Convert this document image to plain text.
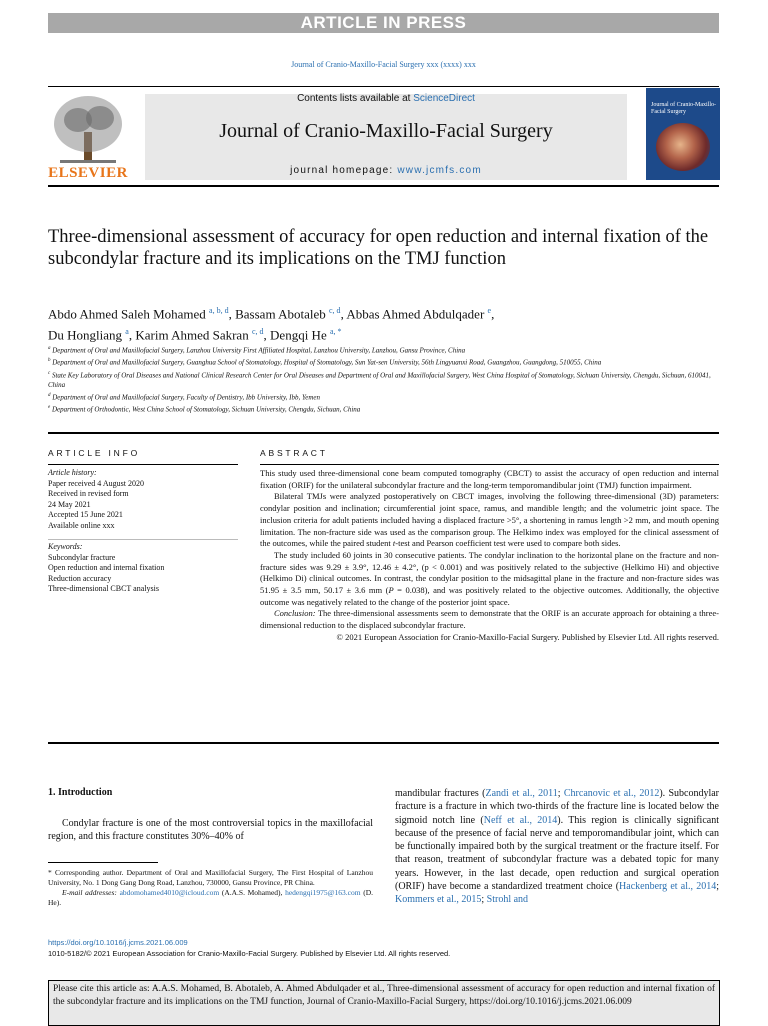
ARTICLE IN PRESS
Journal of Cranio-Maxillo-Facial Surgery xxx (xxxx) xxx
ELSEVIER
Contents lists available at ScienceDirect
Journal of Cranio-Maxillo-Facial Surgery
journal homepage: www.jcmfs.com
Journal of Cranio-Maxillo-Facial Surgery
Three-dimensional assessment of accuracy for open reduction and internal fixation of the subcondylar fracture and its implications on the TMJ function
Abdo Ahmed Saleh Mohamed $^{a, b, d}$, Bassam Abotaleb $^{c, d}$, Abbas Ahmed Abdulqader $^e$,
Du Hongliang $^a$, Karim Ahmed Sakran $^{c, d}$, Dengqi He $^{a, *}$
$^a$ Department of Oral and Maxillofacial Surgery, Lanzhou University First Affiliated Hospital, Lanzhou University, Lanzhou, Gansu Province, China
$^b$ Department of Oral and Maxillofacial Surgery, Guanghua School of Stomatology, Hospital of Stomatology, Sun Yat-sen University, 56th Lingyuanxi Road, Guangzhou, Guangdong, 510055, China
$^c$ State Key Laboratory of Oral Diseases and National Clinical Research Center for Oral Diseases and Department of Oral and Maxillofacial Surgery, West China Hospital of Stomatology, Sichuan University, Chengdu, Sichuan, 610041, China
$^d$ Department of Oral and Maxillofacial Surgery, Faculty of Dentistry, Ibb University, Ibb, Yemen
$^e$ Department of Orthodontic, West China School of Stomatology, Sichuan University, Chengdu, Sichuan, China
ARTICLE INFO
Article history:
Paper received 4 August 2020
Received in revised form
24 May 2021
Accepted 15 June 2021
Available online xxx
Keywords:
Subcondylar fracture
Open reduction and internal fixation
Reduction accuracy
Three-dimensional CBCT analysis
ABSTRACT

This study used three-dimensional cone beam computed tomography (CBCT) to assist the accuracy of open reduction and internal fixation (ORIF) for the unilateral subcondylar fracture and the long-term temporomandibular joint (TMJ) function impairment.

Bilateral TMJs were analyzed postoperatively on CBCT images, involving the following three-dimensional (3D) parameters: condylar position and inclination; circumferential joint space, ramus, and mandible length; and the volumetric joint space. The inclusion criteria for adult patients included having a displaced fracture >5°, a shortening in ramus length >2 mm, and mouth opening limitation. The non-fracture side was used as the comparison group. The Helkimo index was employed for the clinical assessment of the outcomes, while the paired student t-test and Pearson coefficient test were used to compare both sides.

The study included 60 joints in 30 consecutive patients. The condylar inclination to the horizontal plane on the fracture and non-fracture sides was 9.29 ± 3.9°, 12.46 ± 4.2°, (p < 0.001) and was positively related to the subjective (Helkimo Hi) and objective (Helkimo Di) clinical outcomes. In contrast, the condylar position to the midsagittal plane in the fracture and non-fracture sides was 51.95 ± 3.5 mm, 50.17 ± 3.6 mm (P = 0.038), and was positively related to the objective outcomes. Additionally, the objective outcome was negatively related to the change of the posterior joint space.

Conclusion: The three-dimensional assessments seem to demonstrate that the ORIF is an accurate approach for obtaining a three-dimensional reduction to the displaced subcondylar fracture.

© 2021 European Association for Cranio-Maxillo-Facial Surgery. Published by Elsevier Ltd. All rights reserved.

1. Introduction
Condylar fracture is one of the most controversial topics in the maxillofacial region, and this fracture constitutes 30%–40% of
mandibular fractures (Zandi et al., 2011; Chrcanovic et al., 2012). Subcondylar fracture is a fracture in which two-thirds of the fracture line is located below the sigmoid notch line (Neff et al., 2014). This region is clinically significant because of the presence of facial nerve and temporomandibular joint, which can be functionally impaired both by the surgical treatment or the fracture itself. For that reason, treatment of subcondylar fracture was a debated topic for many years. However, in the last decade, open reduction and surgical operation (ORIF) have become a standardized treatment choice (Hackenberg et al., 2014; Kommers et al., 2015; Strohl and
* Corresponding author. Department of Oral and Maxillofacial Surgery, The First Hospital of Lanzhou University, No. 1 Dong Gang Dong Road, Lanzhou, 730000, Gansu Province, PR China.
E-mail addresses: abdomohamed4010@icloud.com (A.A.S. Mohamed), hedengqi1975@163.com (D. He).
https://doi.org/10.1016/j.jcms.2021.06.009
1010-5182/© 2021 European Association for Cranio-Maxillo-Facial Surgery. Published by Elsevier Ltd. All rights reserved.
Please cite this article as: A.A.S. Mohamed, B. Abotaleb, A. Ahmed Abdulqader et al., Three-dimensional assessment of accuracy for open reduction and internal fixation of the subcondylar fracture and its implications on the TMJ function, Journal of Cranio-Maxillo-Facial Surgery, https://doi.org/10.1016/j.jcms.2021.06.009
